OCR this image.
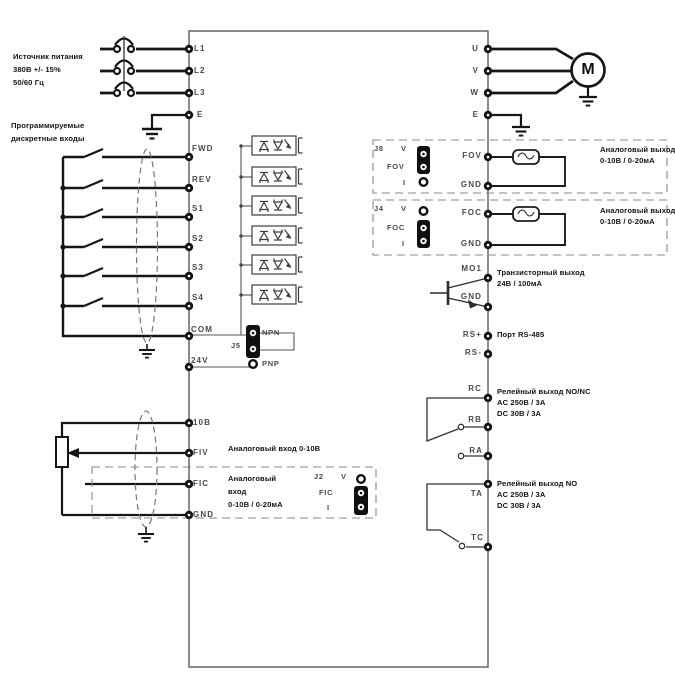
Источник питания
380В +/- 15%
50/60 Гц
Программируемые
дискретные входы
L1
L2
L3
E
FWD
REV
S1
S2
S3
S4
COM
24V
10B
FIV
FIC
GND
U
V
W
E
FOV
GND
FOC
GND
MO1
GND
RS+
RS-
RC
RB
RA
TA
TC
J8 V
FOV
I
J4 V
FOC
I
J5
NPN
PNP
J2 V
FIC
I
Аналоговый вход 0-10В
Аналоговый
вход
0-10В / 0-20мА
Аналоговый выход
0-10В / 0-20мА
Аналоговый выход
0-10В / 0-20мА
Транзисторный выход
24В / 100мА
Порт RS-485
Релейный выход NO/NC
AC 250В / 3А
DC 30В / 3А
Релейный выход NO
AC 250В / 3А
DC 30В / 3А
M
